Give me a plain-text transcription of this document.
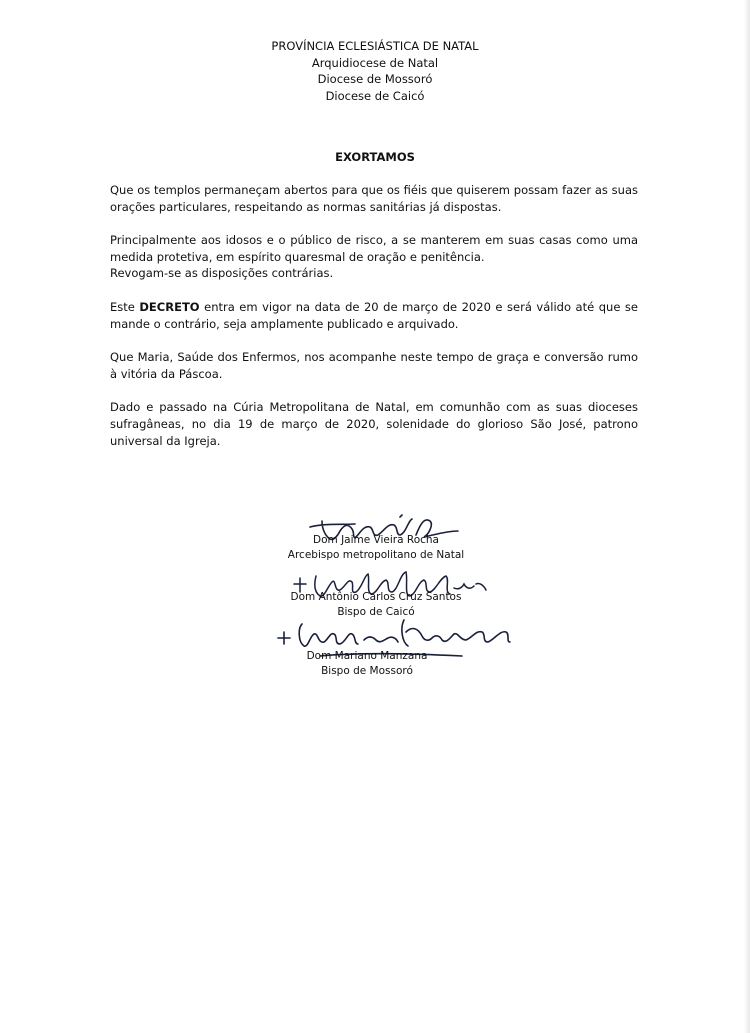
PROVÍNCIA ECLESIÁSTICA DE NATAL
Arquidiocese de Natal
Diocese de Mossoró
Diocese de Caicó
EXORTAMOS

Que os templos permaneçam abertos para que os fiéis que quiserem possam fazer as suas orações particulares, respeitando as normas sanitárias já dispostas.

Principalmente aos idosos e o público de risco, a se manterem em suas casas como uma medida protetiva, em espírito quaresmal de oração e penitência.

Revogam-se as disposições contrárias.

Este DECRETO entra em vigor na data de 20 de março de 2020 e será válido até que se mande o contrário, seja amplamente publicado e arquivado.

Que Maria, Saúde dos Enfermos, nos acompanhe neste tempo de graça e conversão rumo à vitória da Páscoa.

Dado e passado na Cúria Metropolitana de Natal, em comunhão com as suas dioceses sufragâneas, no dia 19 de março de 2020, solenidade do glorioso São José, patrono universal da Igreja.

Dom Jaime Vieira Rocha
Arcebispo metropolitano de Natal
Dom Antônio Carlos Cruz Santos
Bispo de Caicó
Dom Mariano Manzana
Bispo de Mossoró
